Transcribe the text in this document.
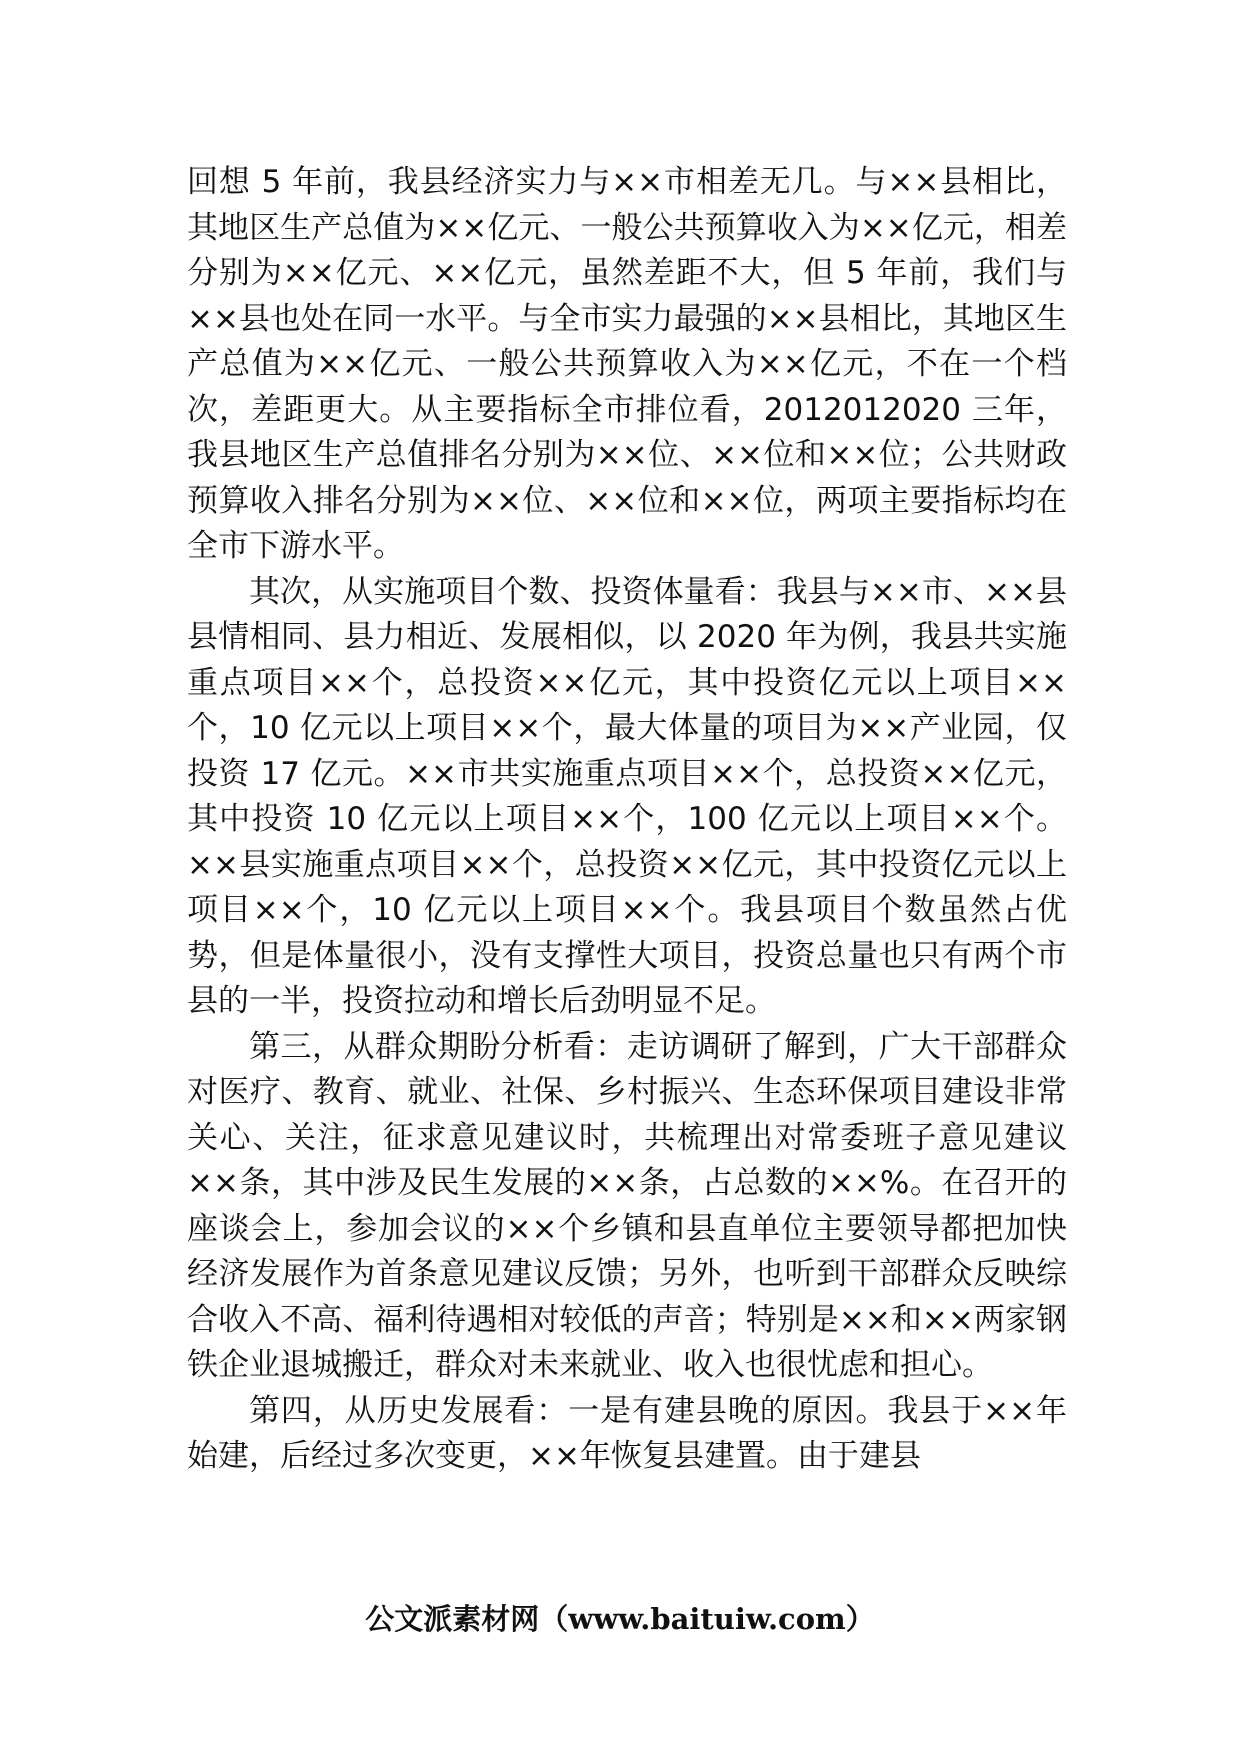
回想 5 年前，我县经济实力与××市相差无几。与××县相比，其地区生产总值为××亿元、一般公共预算收入为××亿元，相差分别为××亿元、××亿元，虽然差距不大，但 5 年前，我们与××县也处在同一水平。与全市实力最强的××县相比，其地区生产总值为××亿元、一般公共预算收入为××亿元，不在一个档次，差距更大。从主要指标全市排位看，2012012020 三年，我县地区生产总值排名分别为××位、××位和××位；公共财政预算收入排名分别为××位、××位和××位，两项主要指标均在全市下游水平。

其次，从实施项目个数、投资体量看：我县与××市、××县县情相同、县力相近、发展相似，以 2020 年为例，我县共实施重点项目××个，总投资××亿元，其中投资亿元以上项目××个，10 亿元以上项目××个，最大体量的项目为××产业园，仅投资 17 亿元。××市共实施重点项目××个，总投资××亿元，其中投资 10 亿元以上项目××个，100 亿元以上项目××个。××县实施重点项目××个，总投资××亿元，其中投资亿元以上项目××个，10 亿元以上项目××个。我县项目个数虽然占优势，但是体量很小，没有支撑性大项目，投资总量也只有两个市县的一半，投资拉动和增长后劲明显不足。

第三，从群众期盼分析看：走访调研了解到，广大干部群众对医疗、教育、就业、社保、乡村振兴、生态环保项目建设非常关心、关注，征求意见建议时，共梳理出对常委班子意见建议××条，其中涉及民生发展的××条，占总数的××%。在召开的座谈会上，参加会议的××个乡镇和县直单位主要领导都把加快经济发展作为首条意见建议反馈；另外，也听到干部群众反映综合收入不高、福利待遇相对较低的声音；特别是××和××两家钢铁企业退城搬迁，群众对未来就业、收入也很忧虑和担心。

第四，从历史发展看：一是有建县晚的原因。我县于××年始建，后经过多次变更，××年恢复县建置。由于建县

公文派素材网（www.baituiw.com）
